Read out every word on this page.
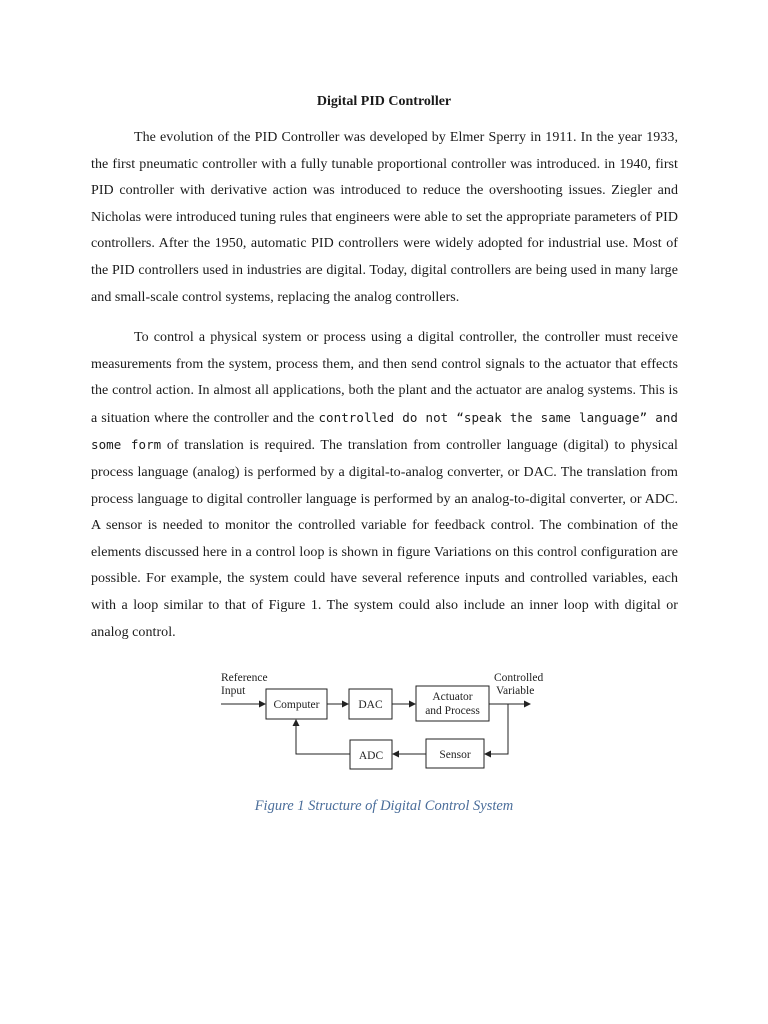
Digital PID Controller

The evolution of the PID Controller was developed by Elmer Sperry in 1911. In the year 1933, the first pneumatic controller with a fully tunable proportional controller was introduced. in 1940, first PID controller with derivative action was introduced to reduce the overshooting issues. Ziegler and Nicholas were introduced tuning rules that engineers were able to set the appropriate parameters of PID controllers. After the 1950, automatic PID controllers were widely adopted for industrial use. Most of the PID controllers used in industries are digital. Today, digital controllers are being used in many large and small-scale control systems, replacing the analog controllers.

To control a physical system or process using a digital controller, the controller must receive measurements from the system, process them, and then send control signals to the actuator that effects the control action. In almost all applications, both the plant and the actuator are analog systems. This is a situation where the controller and the controlled do not “speak the same language” and some form of translation is required. The translation from controller language (digital) to physical process language (analog) is performed by a digital-to-analog converter, or DAC. The translation from process language to digital controller language is performed by an analog-to-digital converter, or ADC. A sensor is needed to monitor the controlled variable for feedback control. The combination of the elements discussed here in a control loop is shown in figure Variations on this control configuration are possible. For example, the system could have several reference inputs and controlled variables, each with a loop similar to that of Figure 1. The system could also include an inner loop with digital or analog control.

Reference
Input
Controlled
Variable
Computer	DAC
Actuator
and Process
ADC	Sensor
Figure 1 Structure of Digital Control System
